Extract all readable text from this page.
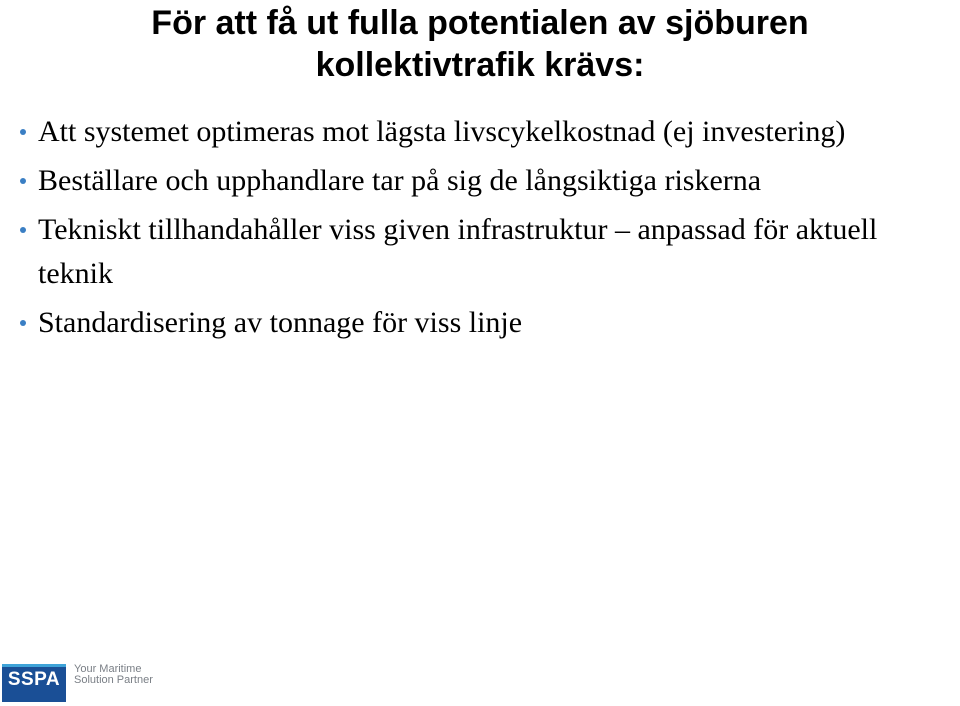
För att få ut fulla potentialen av sjöburen
kollektivtrafik krävs:
Att systemet optimeras mot lägsta livscykelkostnad (ej investering)
Beställare och upphandlare tar på sig de långsiktiga riskerna
Tekniskt tillhandahåller viss given infrastruktur – anpassad för aktuell teknik
Standardisering av tonnage för viss linje
SSPA	Your Maritime
Solution Partner
